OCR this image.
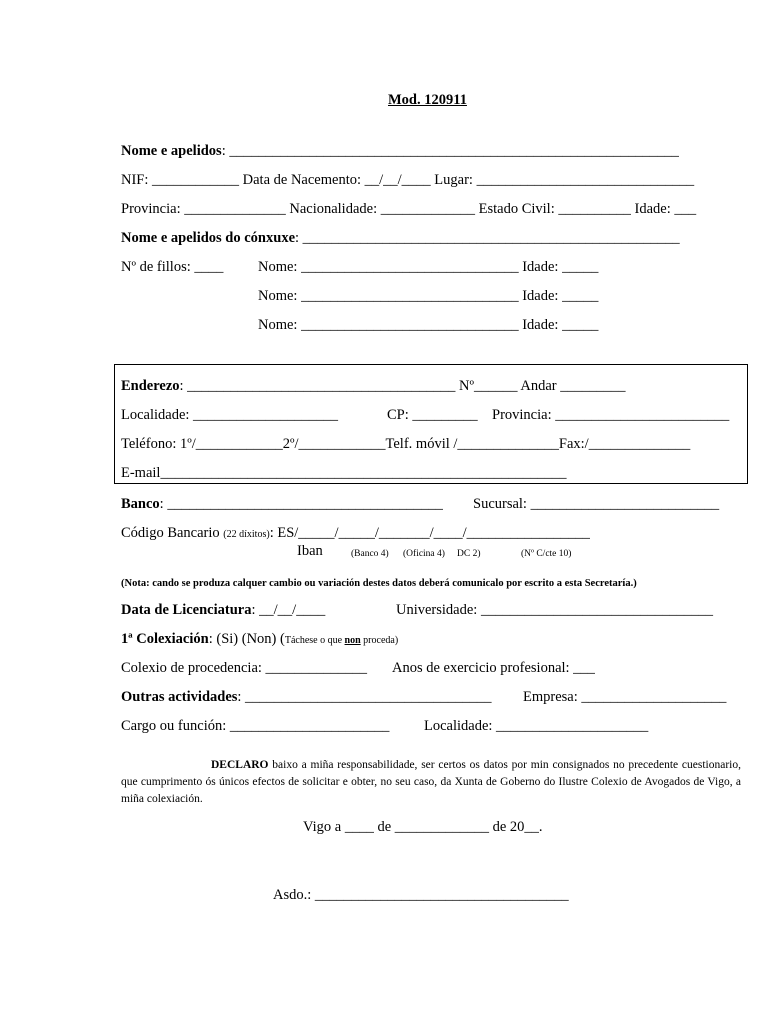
Mod. 120911
Nome e apelidos: ______________________________________________________________
NIF: ____________ Data de Nacemento: __/__/____ Lugar: ______________________________
Provincia: ______________ Nacionalidade: _____________ Estado Civil: __________ Idade: ___
Nome e apelidos do cónxuxe: ____________________________________________________
Nº de fillos: ____ Nome: ______________________________ Idade: _____
Nome: ______________________________ Idade: _____
Nome: ______________________________ Idade: _____
Enderezo: _____________________________________ Nº______ Andar _________
Localidade: ____________________	CP: _________ Provincia: ________________________
Teléfono: 1º/____________2º/____________Telf. móvil /______________Fax:/______________
E-mail________________________________________________________
Banco: ______________________________________ Sucursal: __________________________
Código Bancario (22 díxitos): ES/_____/_____/_______/____/_________________
Iban	(Banco 4) (Oficina 4) DC 2)	(Nº C/cte 10)
(Nota: cando se produza calquer cambio ou variación destes datos deberá comunicalo por escrito a esta Secretaría.)
Data de Licenciatura: __/__/____	Universidade: ________________________________
1ª Colexiación: (Si) (Non) (Táchese o que non proceda)
Colexio de procedencia: ______________ Anos de exercicio profesional: ___
Outras actividades: __________________________________ Empresa: ____________________
Cargo ou función: ______________________ Localidade: _____________________
DECLARO baixo a miña responsabilidade, ser certos os datos por min consignados no precedente cuestionario, que cumprimento ós únicos efectos de solicitar e obter, no seu caso, da Xunta de Goberno do Ilustre Colexio de Avogados de Vigo, a miña colexiación.
Vigo a ____ de _____________ de 20__.
Asdo.: ___________________________________
